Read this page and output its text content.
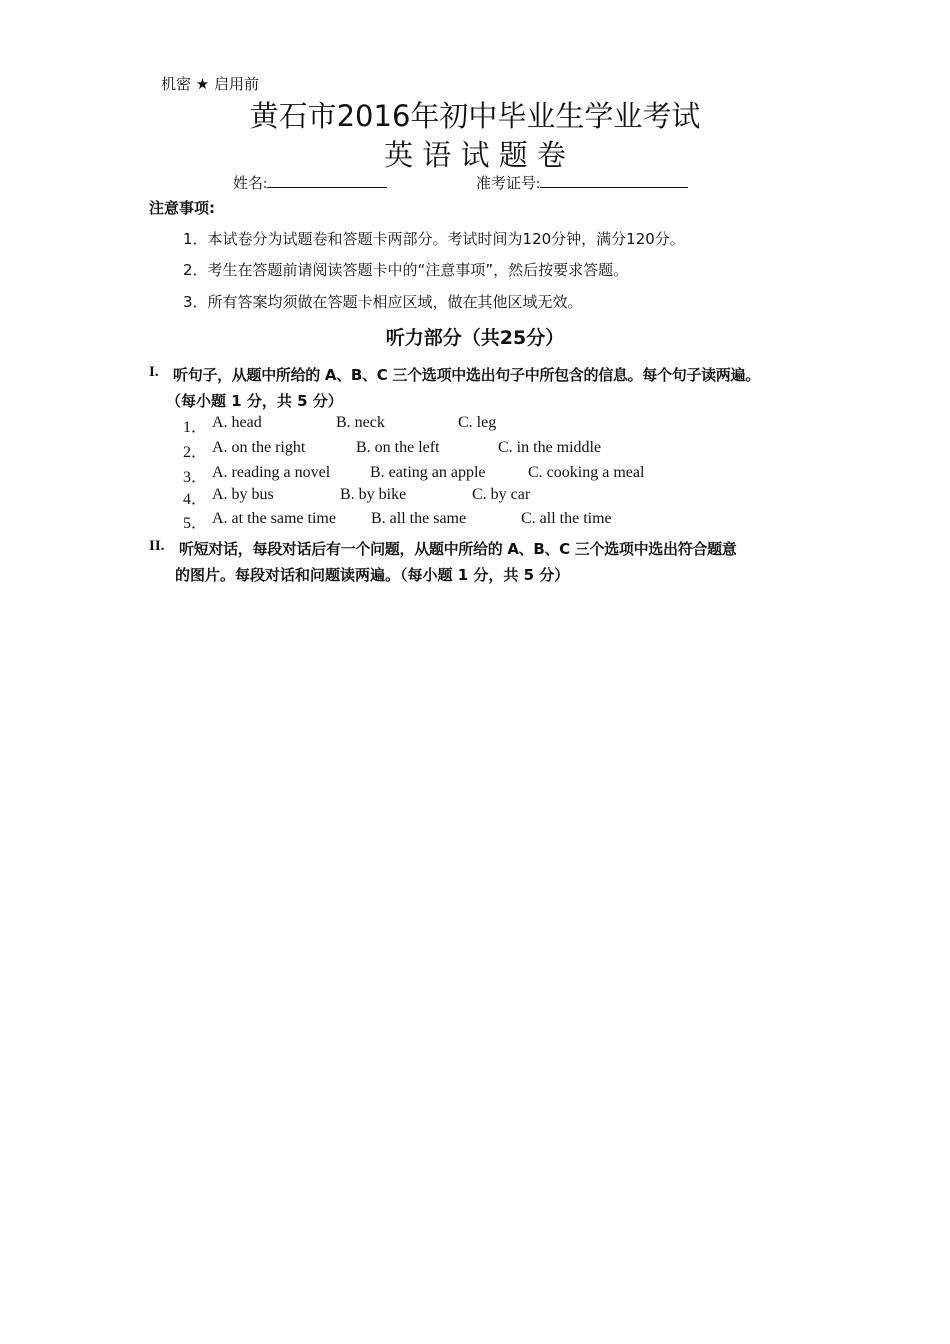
机密 ★ 启用前
黄石市2016年初中毕业生学业考试
英 语 试 题 卷
姓名:	准考证号:
注意事项:
1．本试卷分为试题卷和答题卡两部分。考试时间为120分钟，满分120分。
2．考生在答题前请阅读答题卡中的“注意事项”，然后按要求答题。
3．所有答案均须做在答题卡相应区域，做在其他区域无效。
听力部分（共25分）
I. 听句子，从题中所给的 A、B、C 三个选项中选出句子中所包含的信息。每个句子读两遍。
（每小题 1 分，共 5 分）
1． A. head	B. neck	C. leg
2． A. on the right	B. on the left	C. in the middle
3． A. reading a novel B. eating an apple	C. cooking a meal
4． A. by bus	B. by bike	C. by car
5． A. at the same time B. all the same	C. all the time
II. 听短对话，每段对话后有一个问题，从题中所给的 A、B、C 三个选项中选出符合题意
的图片。每段对话和问题读两遍。（每小题 1 分，共 5 分）
